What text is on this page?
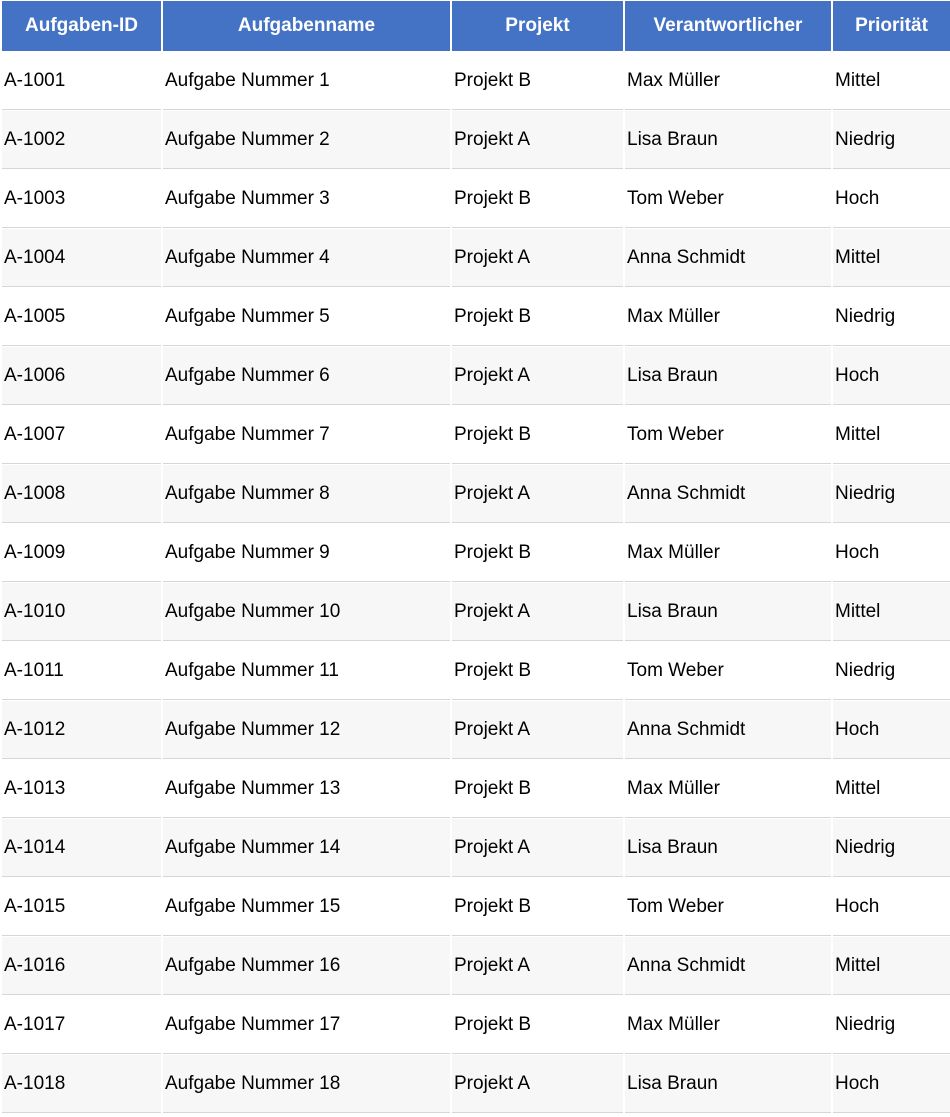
Aufgaben-ID	Aufgabenname	Projekt	Verantwortlicher	Priorität
A-1001	Aufgabe Nummer 1	Projekt B	Max Müller	Mittel
A-1002	Aufgabe Nummer 2	Projekt A	Lisa Braun	Niedrig
A-1003	Aufgabe Nummer 3	Projekt B	Tom Weber	Hoch
A-1004	Aufgabe Nummer 4	Projekt A	Anna Schmidt	Mittel
A-1005	Aufgabe Nummer 5	Projekt B	Max Müller	Niedrig
A-1006	Aufgabe Nummer 6	Projekt A	Lisa Braun	Hoch
A-1007	Aufgabe Nummer 7	Projekt B	Tom Weber	Mittel
A-1008	Aufgabe Nummer 8	Projekt A	Anna Schmidt	Niedrig
A-1009	Aufgabe Nummer 9	Projekt B	Max Müller	Hoch
A-1010	Aufgabe Nummer 10	Projekt A	Lisa Braun	Mittel
A-1011	Aufgabe Nummer 11	Projekt B	Tom Weber	Niedrig
A-1012	Aufgabe Nummer 12	Projekt A	Anna Schmidt	Hoch
A-1013	Aufgabe Nummer 13	Projekt B	Max Müller	Mittel
A-1014	Aufgabe Nummer 14	Projekt A	Lisa Braun	Niedrig
A-1015	Aufgabe Nummer 15	Projekt B	Tom Weber	Hoch
A-1016	Aufgabe Nummer 16	Projekt A	Anna Schmidt	Mittel
A-1017	Aufgabe Nummer 17	Projekt B	Max Müller	Niedrig
A-1018	Aufgabe Nummer 18	Projekt A	Lisa Braun	Hoch
